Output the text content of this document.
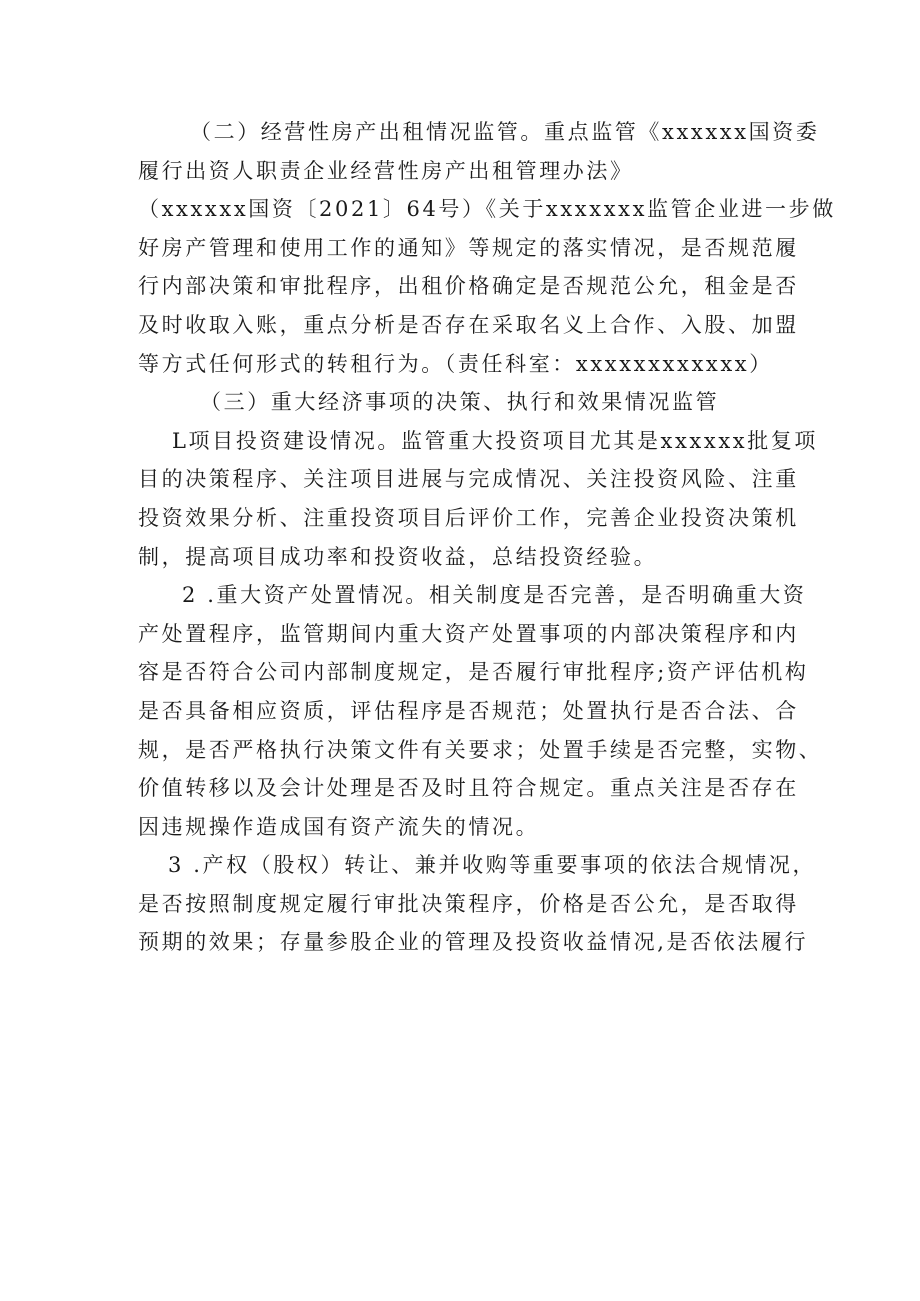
（二）经营性房产出租情况监管。重点监管《xxxxxx国资委
履行出资人职责企业经营性房产出租管理办法》
（xxxxxx国资〔2021〕64号）《关于xxxxxxx监管企业进一步做
好房产管理和使用工作的通知》等规定的落实情况，是否规范履
行内部决策和审批程序，出租价格确定是否规范公允，租金是否
及时收取入账，重点分析是否存在采取名义上合作、入股、加盟
等方式任何形式的转租行为。（责任科室：xxxxxxxxxxxx）
（三）重大经济事项的决策、执行和效果情况监管
L项目投资建设情况。监管重大投资项目尤其是xxxxxx批复项
目的决策程序、关注项目进展与完成情况、关注投资风险、注重
投资效果分析、注重投资项目后评价工作，完善企业投资决策机
制，提高项目成功率和投资收益，总结投资经验。
2 .重大资产处置情况。相关制度是否完善，是否明确重大资
产处置程序，监管期间内重大资产处置事项的内部决策程序和内
容是否符合公司内部制度规定，是否履行审批程序;资产评估机构
是否具备相应资质，评估程序是否规范；处置执行是否合法、合
规，是否严格执行决策文件有关要求；处置手续是否完整，实物、
价值转移以及会计处理是否及时且符合规定。重点关注是否存在
因违规操作造成国有资产流失的情况。
3 .产权（股权）转让、兼并收购等重要事项的依法合规情况，
是否按照制度规定履行审批决策程序，价格是否公允，是否取得
预期的效果；存量参股企业的管理及投资收益情况,是否依法履行
